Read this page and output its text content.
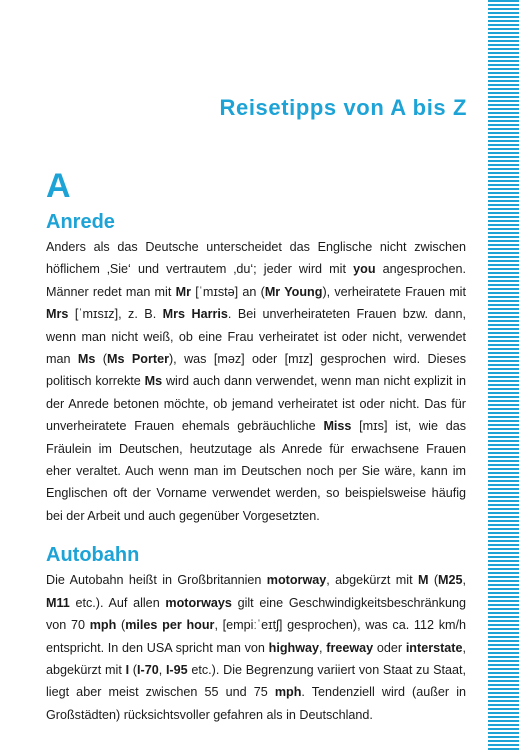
Reisetipps von A bis Z
A
Anrede
Anders als das Deutsche unterscheidet das Englische nicht zwischen höflichem ‚Sie‘ und vertrautem ‚du‘; jeder wird mit you angesprochen. Männer redet man mit Mr [ˈmɪstə] an (Mr Young), verheiratete Frauen mit Mrs [ˈmɪsɪz], z. B. Mrs Harris. Bei unverheirateten Frauen bzw. dann, wenn man nicht weiß, ob eine Frau verheiratet ist oder nicht, verwendet man Ms (Ms Porter), was [məz] oder [mɪz] gesprochen wird. Dieses politisch korrekte Ms wird auch dann verwendet, wenn man nicht explizit in der Anrede betonen möchte, ob jemand verheiratet ist oder nicht. Das für unverheiratete Frauen ehemals gebräuchliche Miss [mɪs] ist, wie das Fräulein im Deutschen, heutzutage als Anrede für erwachsene Frauen eher veraltet. Auch wenn man im Deutschen noch per Sie wäre, kann im Englischen oft der Vorname verwendet werden, so beispielsweise häufig bei der Arbeit und auch gegenüber Vorgesetzten.
Autobahn
Die Autobahn heißt in Großbritannien motorway, abgekürzt mit M (M25, M11 etc.). Auf allen motorways gilt eine Geschwindigkeitsbeschränkung von 70 mph (miles per hour, [empiːˈeɪtʃ] gesprochen), was ca. 112 km/h entspricht. In den USA spricht man von highway, freeway oder interstate, abgekürzt mit I (I-70, I-95 etc.). Die Begrenzung variiert von Staat zu Staat, liegt aber meist zwischen 55 und 75 mph. Tendenziell wird (außer in Großstädten) rücksichtsvoller gefahren als in Deutschland.
